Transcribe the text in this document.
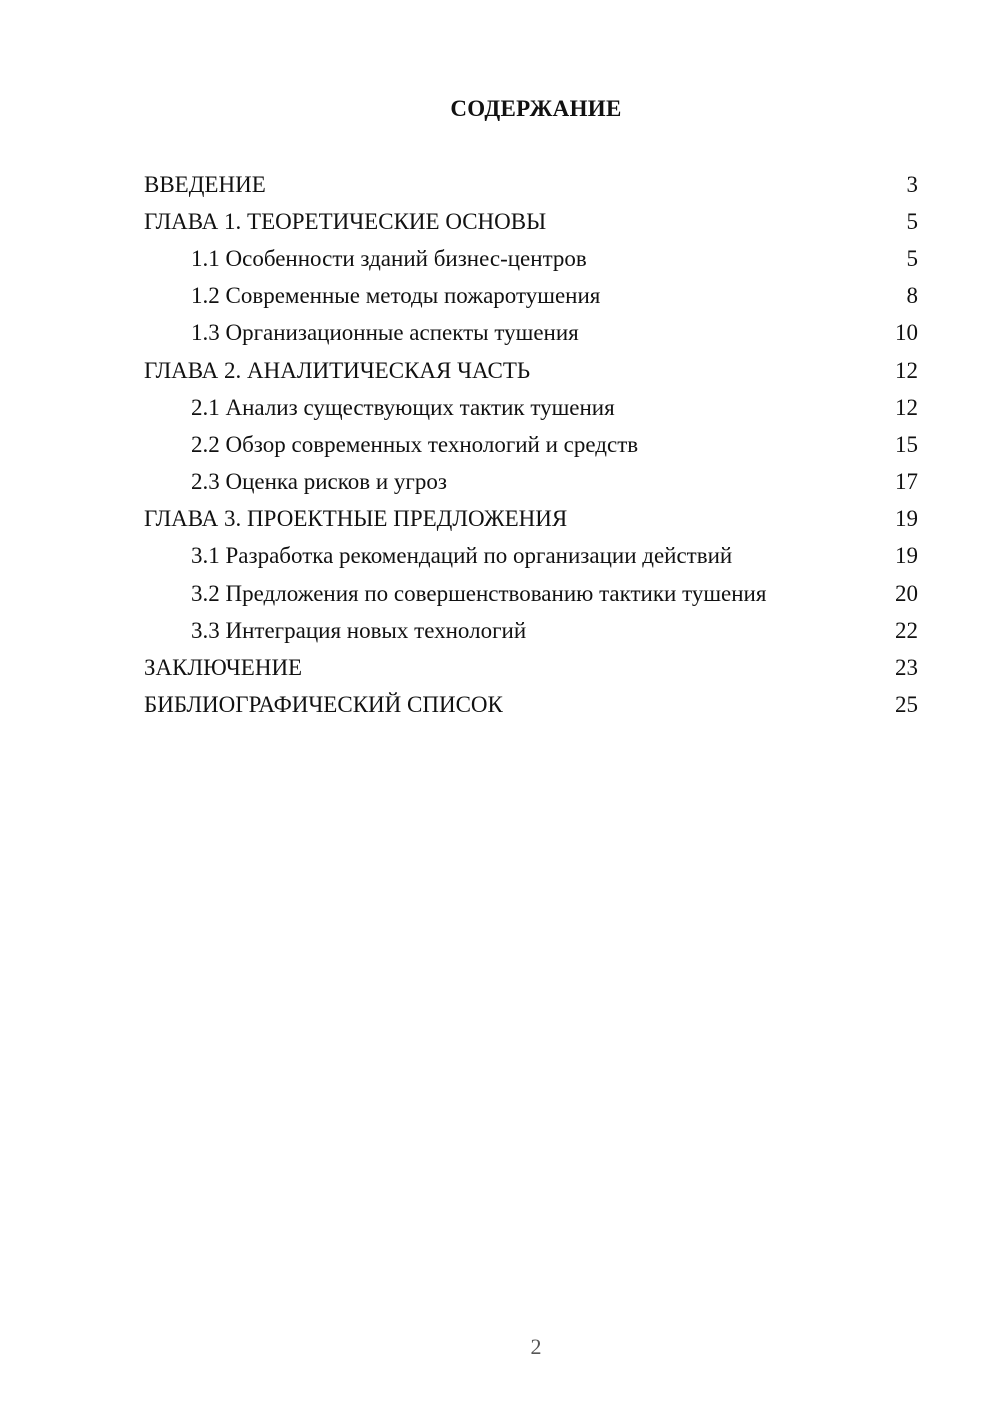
СОДЕРЖАНИЕ
ВВЕДЕНИЕ	3
ГЛАВА 1. ТЕОРЕТИЧЕСКИЕ ОСНОВЫ	5
1.1 Особенности зданий бизнес-центров	5
1.2 Современные методы пожаротушения	8
1.3 Организационные аспекты тушения	10
ГЛАВА 2. АНАЛИТИЧЕСКАЯ ЧАСТЬ	12
2.1 Анализ существующих тактик тушения	12
2.2 Обзор современных технологий и средств	15
2.3 Оценка рисков и угроз	17
ГЛАВА 3. ПРОЕКТНЫЕ ПРЕДЛОЖЕНИЯ	19
3.1 Разработка рекомендаций по организации действий	19
3.2 Предложения по совершенствованию тактики тушения	20
3.3 Интеграция новых технологий	22
ЗАКЛЮЧЕНИЕ	23
БИБЛИОГРАФИЧЕСКИЙ СПИСОК	25
2
